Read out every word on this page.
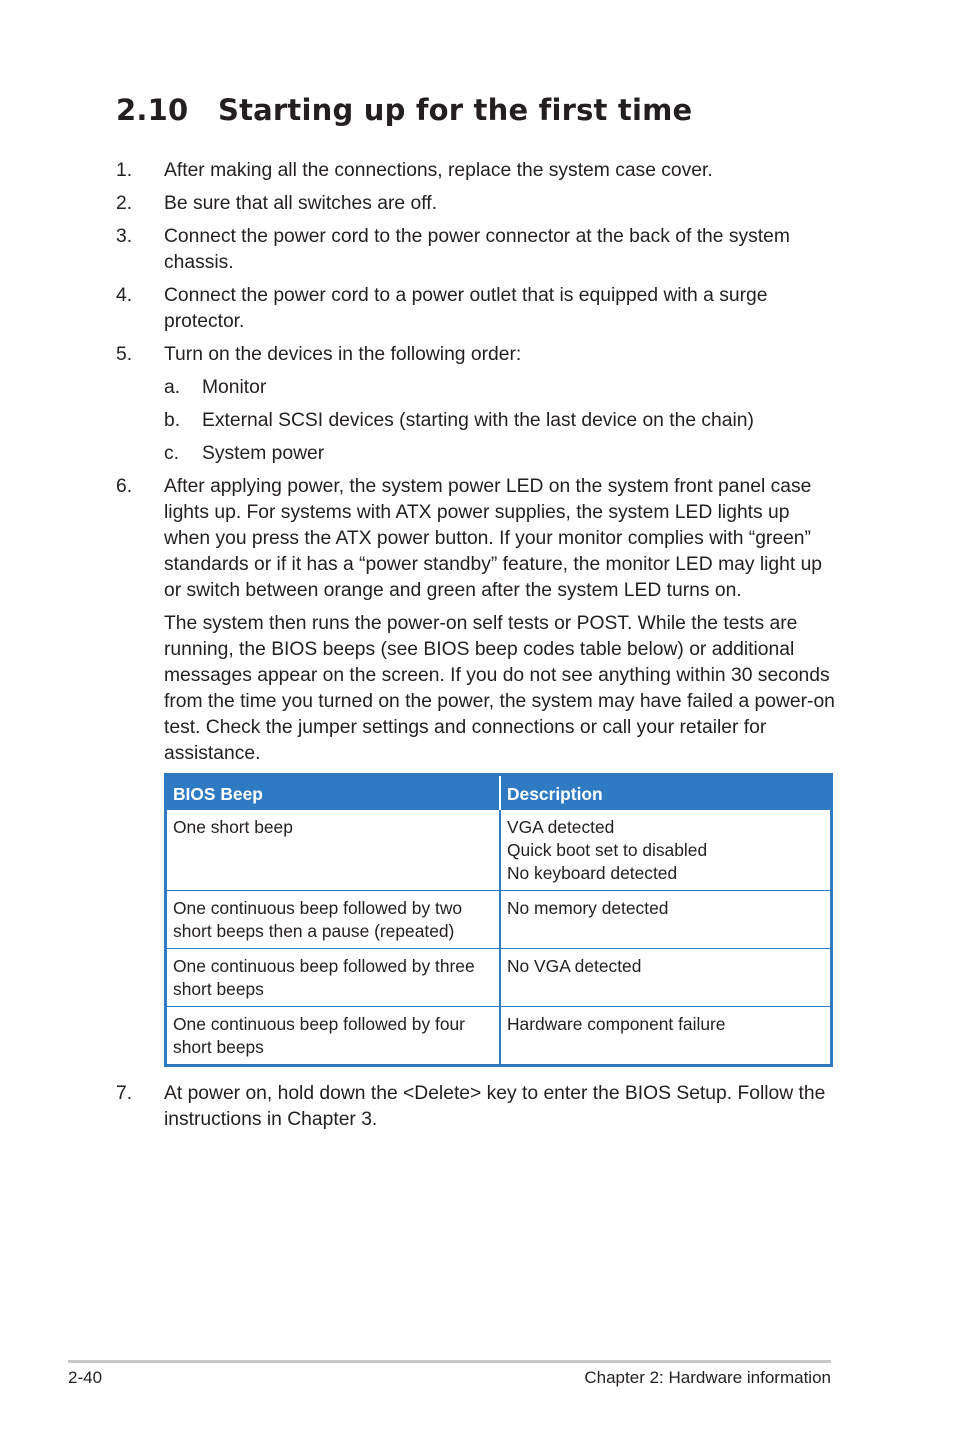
2.10 Starting up for the first time
1. After making all the connections, replace the system case cover.
2. Be sure that all switches are off.
3. Connect the power cord to the power connector at the back of the system chassis.
4. Connect the power cord to a power outlet that is equipped with a surge protector.
5. Turn on the devices in the following order:
a. Monitor
b. External SCSI devices (starting with the last device on the chain)
c. System power
6. After applying power, the system power LED on the system front panel case lights up. For systems with ATX power supplies, the system LED lights up when you press the ATX power button. If your monitor complies with “green” standards or if it has a “power standby” feature, the monitor LED may light up or switch between orange and green after the system LED turns on.
The system then runs the power-on self tests or POST. While the tests are running, the BIOS beeps (see BIOS beep codes table below) or additional messages appear on the screen. If you do not see anything within 30 seconds from the time you turned on the power, the system may have failed a power-on test. Check the jumper settings and connections or call your retailer for assistance.
BIOS Beep	Description
One short beep	VGA detected
Quick boot set to disabled
No keyboard detected

One continuous beep followed by two short beeps then a pause (repeated)	No memory detected

One continuous beep followed by three short beeps	No VGA detected

One continuous beep followed by four short beeps	Hardware component failure
7. At power on, hold down the <Delete> key to enter the BIOS Setup. Follow the instructions in Chapter 3.
2-40	Chapter 2: Hardware information
